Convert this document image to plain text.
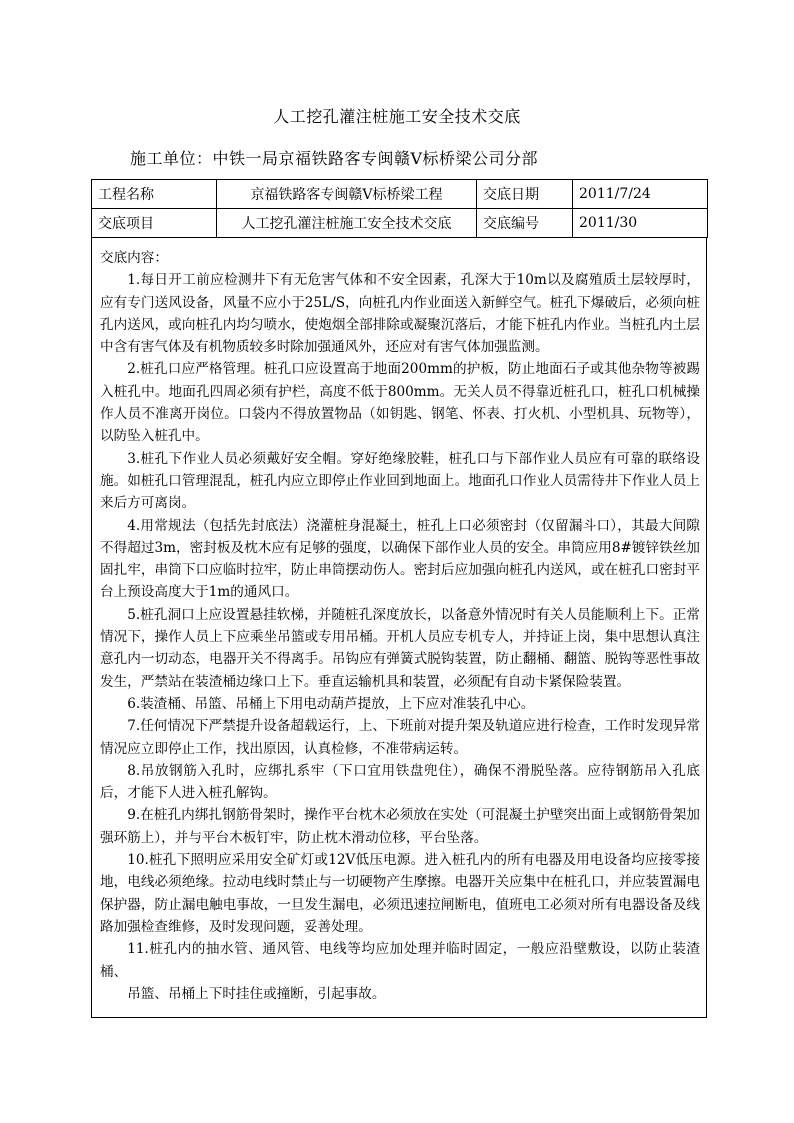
人工挖孔灌注桩施工安全技术交底
施工单位：中铁一局京福铁路客专闽赣Ⅴ标桥梁公司分部
工程名称	京福铁路客专闽赣Ⅴ标桥梁工程	交底日期	2011/7/24
交底项目	人工挖孔灌注桩施工安全技术交底	交底编号	2011/30

交底内容：

1.每日开工前应检测井下有无危害气体和不安全因素，孔深大于10m以及腐殖质土层较厚时，应有专门送风设备，风量不应小于25L/S，向桩孔内作业面送入新鲜空气。桩孔下爆破后，必须向桩孔内送风，或向桩孔内均匀喷水，使炮烟全部排除或凝聚沉落后，才能下桩孔内作业。当桩孔内土层中含有害气体及有机物质较多时除加强通风外，还应对有害气体加强监测。

2.桩孔口应严格管理。桩孔口应设置高于地面200mm的护板，防止地面石子或其他杂物等被踢入桩孔中。地面孔四周必须有护栏，高度不低于800mm。无关人员不得靠近桩孔口，桩孔口机械操作人员不准离开岗位。口袋内不得放置物品（如钥匙、钢笔、怀表、打火机、小型机具、玩物等），以防坠入桩孔中。

3.桩孔下作业人员必须戴好安全帽。穿好绝缘胶鞋，桩孔口与下部作业人员应有可靠的联络设施。如桩孔口管理混乱，桩孔内应立即停止作业回到地面上。地面孔口作业人员需待井下作业人员上来后方可离岗。

4.用常规法（包括先封底法）浇灌桩身混凝土，桩孔上口必须密封（仅留漏斗口），其最大间隙不得超过3m，密封板及枕木应有足够的强度，以确保下部作业人员的安全。串筒应用8#镀锌铁丝加固扎牢，串筒下口应临时拉牢，防止串筒摆动伤人。密封后应加强向桩孔内送风，或在桩孔口密封平台上预设高度大于1m的通风口。

5.桩孔洞口上应设置悬挂软梯，并随桩孔深度放长，以备意外情况时有关人员能顺利上下。正常情况下，操作人员上下应乘坐吊篮或专用吊桶。开机人员应专机专人，并持证上岗，集中思想认真注意孔内一切动态，电器开关不得离手。吊钩应有弹簧式脱钩装置，防止翻桶、翻篮、脱钩等恶性事故发生，严禁站在装渣桶边缘口上下。垂直运输机具和装置，必须配有自动卡紧保险装置。

6.装渣桶、吊篮、吊桶上下用电动葫芦提放，上下应对准装孔中心。

7.任何情况下严禁提升设备超载运行，上、下班前对提升架及轨道应进行检查，工作时发现异常情况应立即停止工作，找出原因，认真检修，不准带病运转。

8.吊放钢筋入孔时，应绑扎系牢（下口宜用铁盘兜住），确保不滑脱坠落。应待钢筋吊入孔底后，才能下人进入桩孔解钩。

9.在桩孔内绑扎钢筋骨架时，操作平台枕木必须放在实处（可混凝土护壁突出面上或钢筋骨架加强环筋上），并与平台木板钉牢，防止枕木滑动位移，平台坠落。

10.桩孔下照明应采用安全矿灯或12V低压电源。进入桩孔内的所有电器及用电设备均应接零接地，电线必须绝缘。拉动电线时禁止与一切硬物产生摩擦。电器开关应集中在桩孔口，并应装置漏电保护器，防止漏电触电事故，一旦发生漏电，必须迅速拉闸断电，值班电工必须对所有电器设备及线路加强检查维修，及时发现问题，妥善处理。

11.桩孔内的抽水管、通风管、电线等均应加处理并临时固定，一般应沿壁敷设，以防止装渣桶、

吊篮、吊桶上下时挂住或撞断，引起事故。
